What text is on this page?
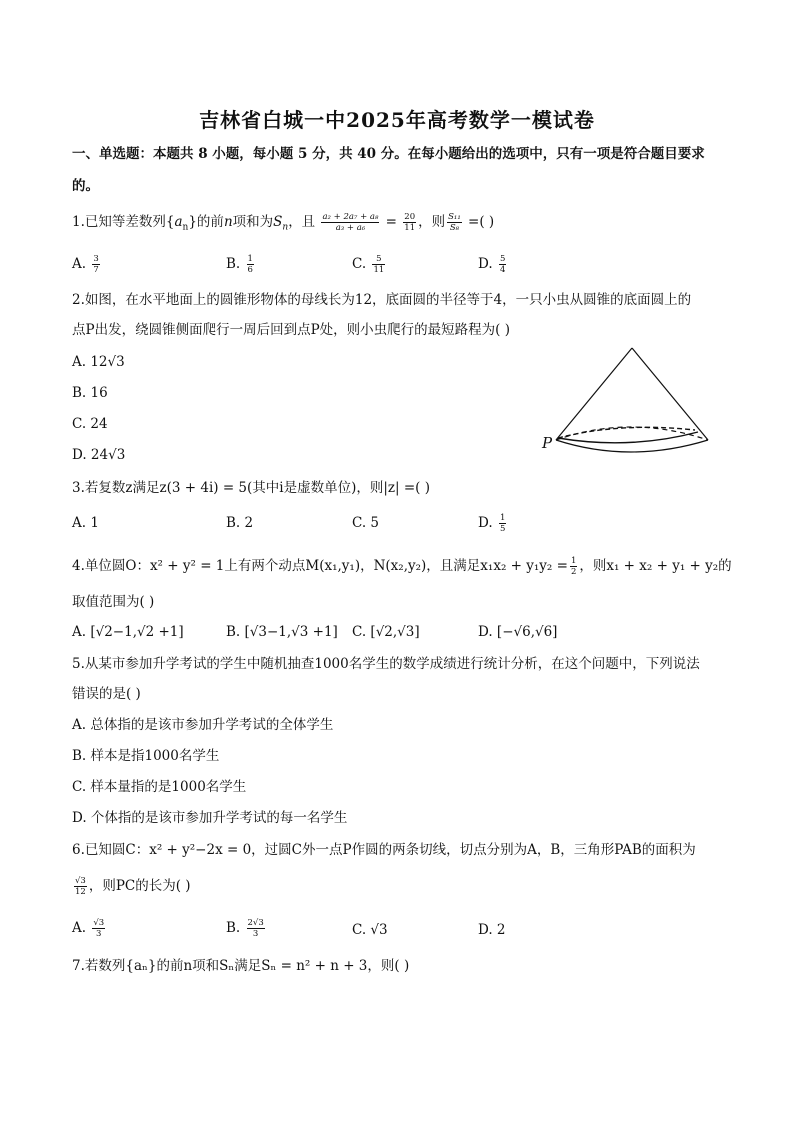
吉林省白城一中2025年高考数学一模试卷
一、单选题：本题共 8 小题，每小题 5 分，共 40 分。在每小题给出的选项中，只有一项是符合题目要求
的。
1.已知等差数列$\{a_n\}$的前n项和为$S_n$，且 $\frac{\text{a₂ + 2a₇ + a₈}}{\text{a₃ + a₆}} = \frac{20}{11}$ ，则 $\frac{\text{S₁₁}}{\text{S₈}}$ =( )
A. $\frac{3}{7}$	B. $\frac{1}{6}$	C. $\frac{5}{11}$	D. $\frac{5}{4}$
2.如图，在水平地面上的圆锥形物体的母线长为12，底面圆的半径等于4，一只小虫从圆锥的底面圆上的
点P出发，绕圆锥侧面爬行一周后回到点P处，则小虫爬行的最短路程为( )
A. 12√3
B. 16
C. 24
D. 24√3
P
3.若复数z满足z(3 + 4i) = 5(其中i是虚数单位)，则|z| =( )
A. 1	B. 2	C. 5	D. $\frac{1}{5}$
4.单位圆O：x² + y² = 1上有两个动点M(x₁,y₁)，N(x₂,y₂)，且满足$x_1x_2 + y_1y_2 = \frac{1}{2}$ ，则x₁ + x₂ + y₁ + y₂的
取值范围为( )
A. [√2−1,√2 +1]	B. [√3−1,√3 +1] C. [√2,√3]	D. [−√6,√6]
5.从某市参加升学考试的学生中随机抽查1000名学生的数学成绩进行统计分析，在这个问题中，下列说法
错误的是( )
A. 总体指的是该市参加升学考试的全体学生
B. 样本是指1000名学生
C. 样本量指的是1000名学生
D. 个体指的是该市参加升学考试的每一名学生
6.已知圆C：x² + y²−2x = 0，过圆C外一点P作圆的两条切线，切点分别为A，B，三角形PAB的面积为
$\frac{√3}{12}$ ，则PC的长为( )
A. $\frac{√3}{3}$	B. $\frac{2√3}{3}$	C. √3	D. 2
7.若数列{aₙ}的前n项和Sₙ满足Sₙ = n² + n + 3，则( )
